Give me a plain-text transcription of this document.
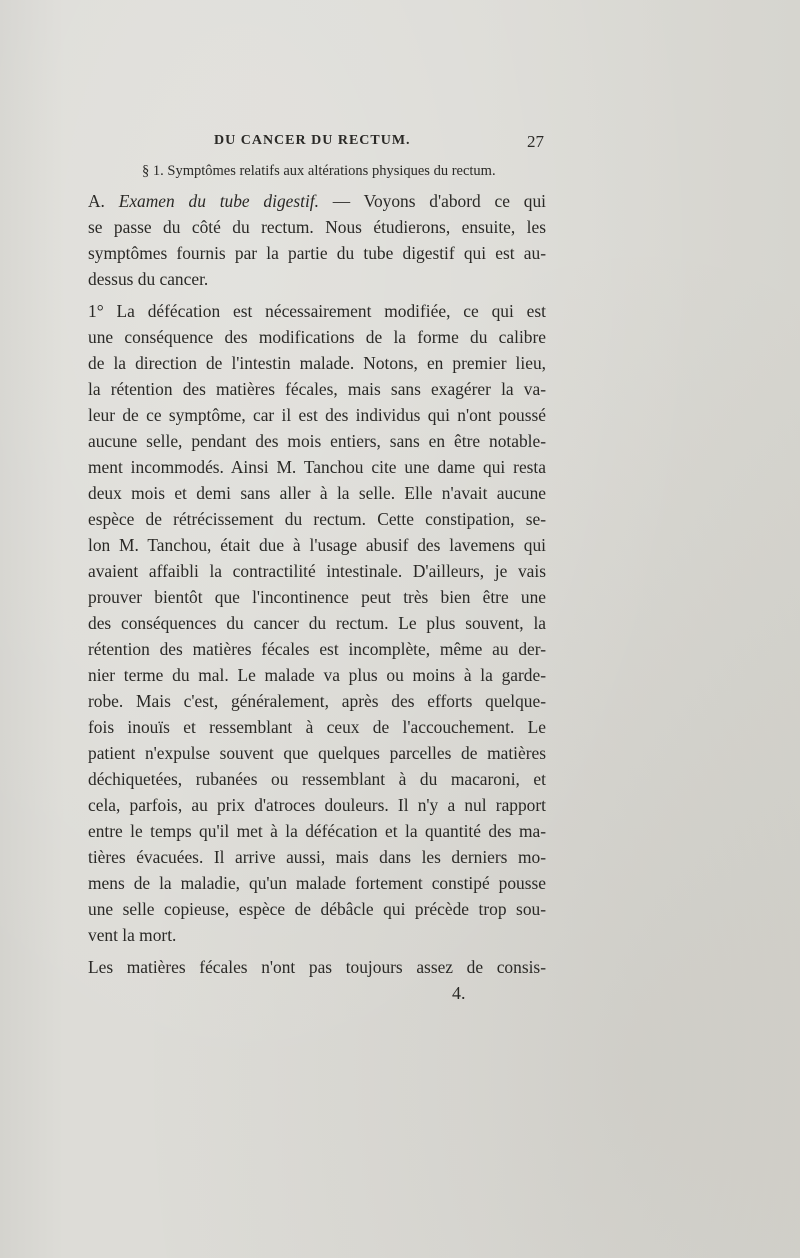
DU CANCER DU RECTUM.	27
§ 1. Symptômes relatifs aux altérations physiques du rectum.
A. Examen du tube digestif. — Voyons d'abord ce qui
se passe du côté du rectum. Nous étudierons, ensuite, les
symptômes fournis par la partie du tube digestif qui est au-
dessus du cancer.
1° La défécation est nécessairement modifiée, ce qui est
une conséquence des modifications de la forme du calibre
de la direction de l'intestin malade. Notons, en premier lieu,
la rétention des matières fécales, mais sans exagérer la va-
leur de ce symptôme, car il est des individus qui n'ont poussé
aucune selle, pendant des mois entiers, sans en être notable-
ment incommodés. Ainsi M. Tanchou cite une dame qui resta
deux mois et demi sans aller à la selle. Elle n'avait aucune
espèce de rétrécissement du rectum. Cette constipation, se-
lon M. Tanchou, était due à l'usage abusif des lavemens qui
avaient affaibli la contractilité intestinale. D'ailleurs, je vais
prouver bientôt que l'incontinence peut très bien être une
des conséquences du cancer du rectum. Le plus souvent, la
rétention des matières fécales est incomplète, même au der-
nier terme du mal. Le malade va plus ou moins à la garde-
robe. Mais c'est, généralement, après des efforts quelque-
fois inouïs et ressemblant à ceux de l'accouchement. Le
patient n'expulse souvent que quelques parcelles de matières
déchiquetées, rubanées ou ressemblant à du macaroni, et
cela, parfois, au prix d'atroces douleurs. Il n'y a nul rapport
entre le temps qu'il met à la défécation et la quantité des ma-
tières évacuées. Il arrive aussi, mais dans les derniers mo-
mens de la maladie, qu'un malade fortement constipé pousse
une selle copieuse, espèce de débâcle qui précède trop sou-
vent la mort.
Les matières fécales n'ont pas toujours assez de consis-
4.
